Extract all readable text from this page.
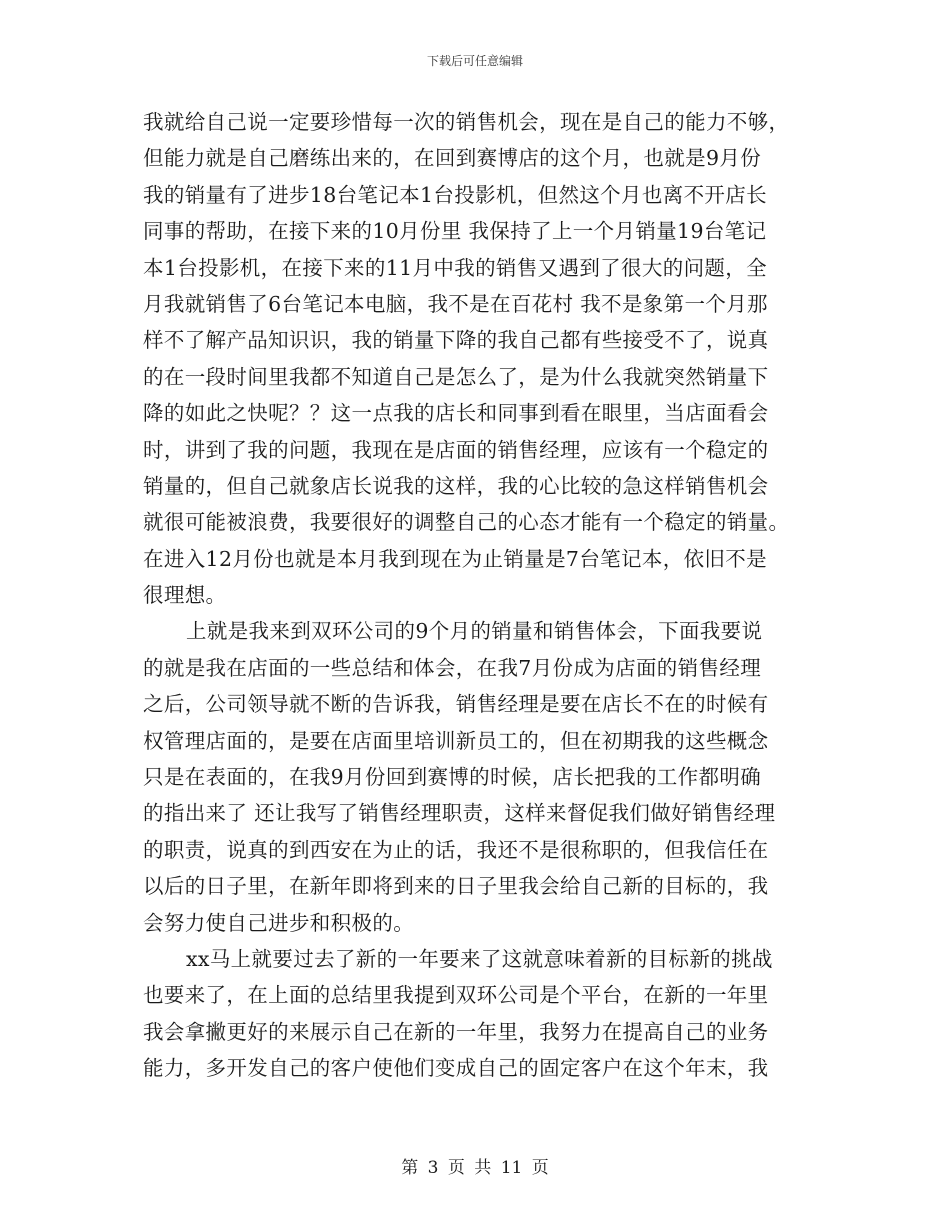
下载后可任意编辑
我就给自己说一定要珍惜每一次的销售机会，现在是自己的能力不够，
但能力就是自己磨练出来的，在回到赛博店的这个月，也就是9月份
我的销量有了进步18台笔记本1台投影机，但然这个月也离不开店长
同事的帮助，在接下来的10月份里 我保持了上一个月销量19台笔记
本1台投影机，在接下来的11月中我的销售又遇到了很大的问题，全
月我就销售了6台笔记本电脑，我不是在百花村 我不是象第一个月那
样不了解产品知识识，我的销量下降的我自己都有些接受不了，说真
的在一段时间里我都不知道自己是怎么了，是为什么我就突然销量下
降的如此之快呢？？这一点我的店长和同事到看在眼里，当店面看会
时，讲到了我的问题，我现在是店面的销售经理，应该有一个稳定的
销量的，但自己就象店长说我的这样，我的心比较的急这样销售机会
就很可能被浪费，我要很好的调整自己的心态才能有一个稳定的销量。
在进入12月份也就是本月我到现在为止销量是7台笔记本，依旧不是
很理想。
上就是我来到双环公司的9个月的销量和销售体会，下面我要说
的就是我在店面的一些总结和体会，在我7月份成为店面的销售经理
之后，公司领导就不断的告诉我，销售经理是要在店长不在的时候有
权管理店面的，是要在店面里培训新员工的，但在初期我的这些概念
只是在表面的，在我9月份回到赛博的时候，店长把我的工作都明确
的指出来了 还让我写了销售经理职责，这样来督促我们做好销售经理
的职责，说真的到西安在为止的话，我还不是很称职的，但我信任在
以后的日子里，在新年即将到来的日子里我会给自己新的目标的，我
会努力使自己进步和积极的。
xx马上就要过去了新的一年要来了这就意味着新的目标新的挑战
也要来了，在上面的总结里我提到双环公司是个平台，在新的一年里
我会拿撇更好的来展示自己在新的一年里，我努力在提高自己的业务
能力，多开发自己的客户使他们变成自己的固定客户在这个年末，我
第 3 页 共 11 页
